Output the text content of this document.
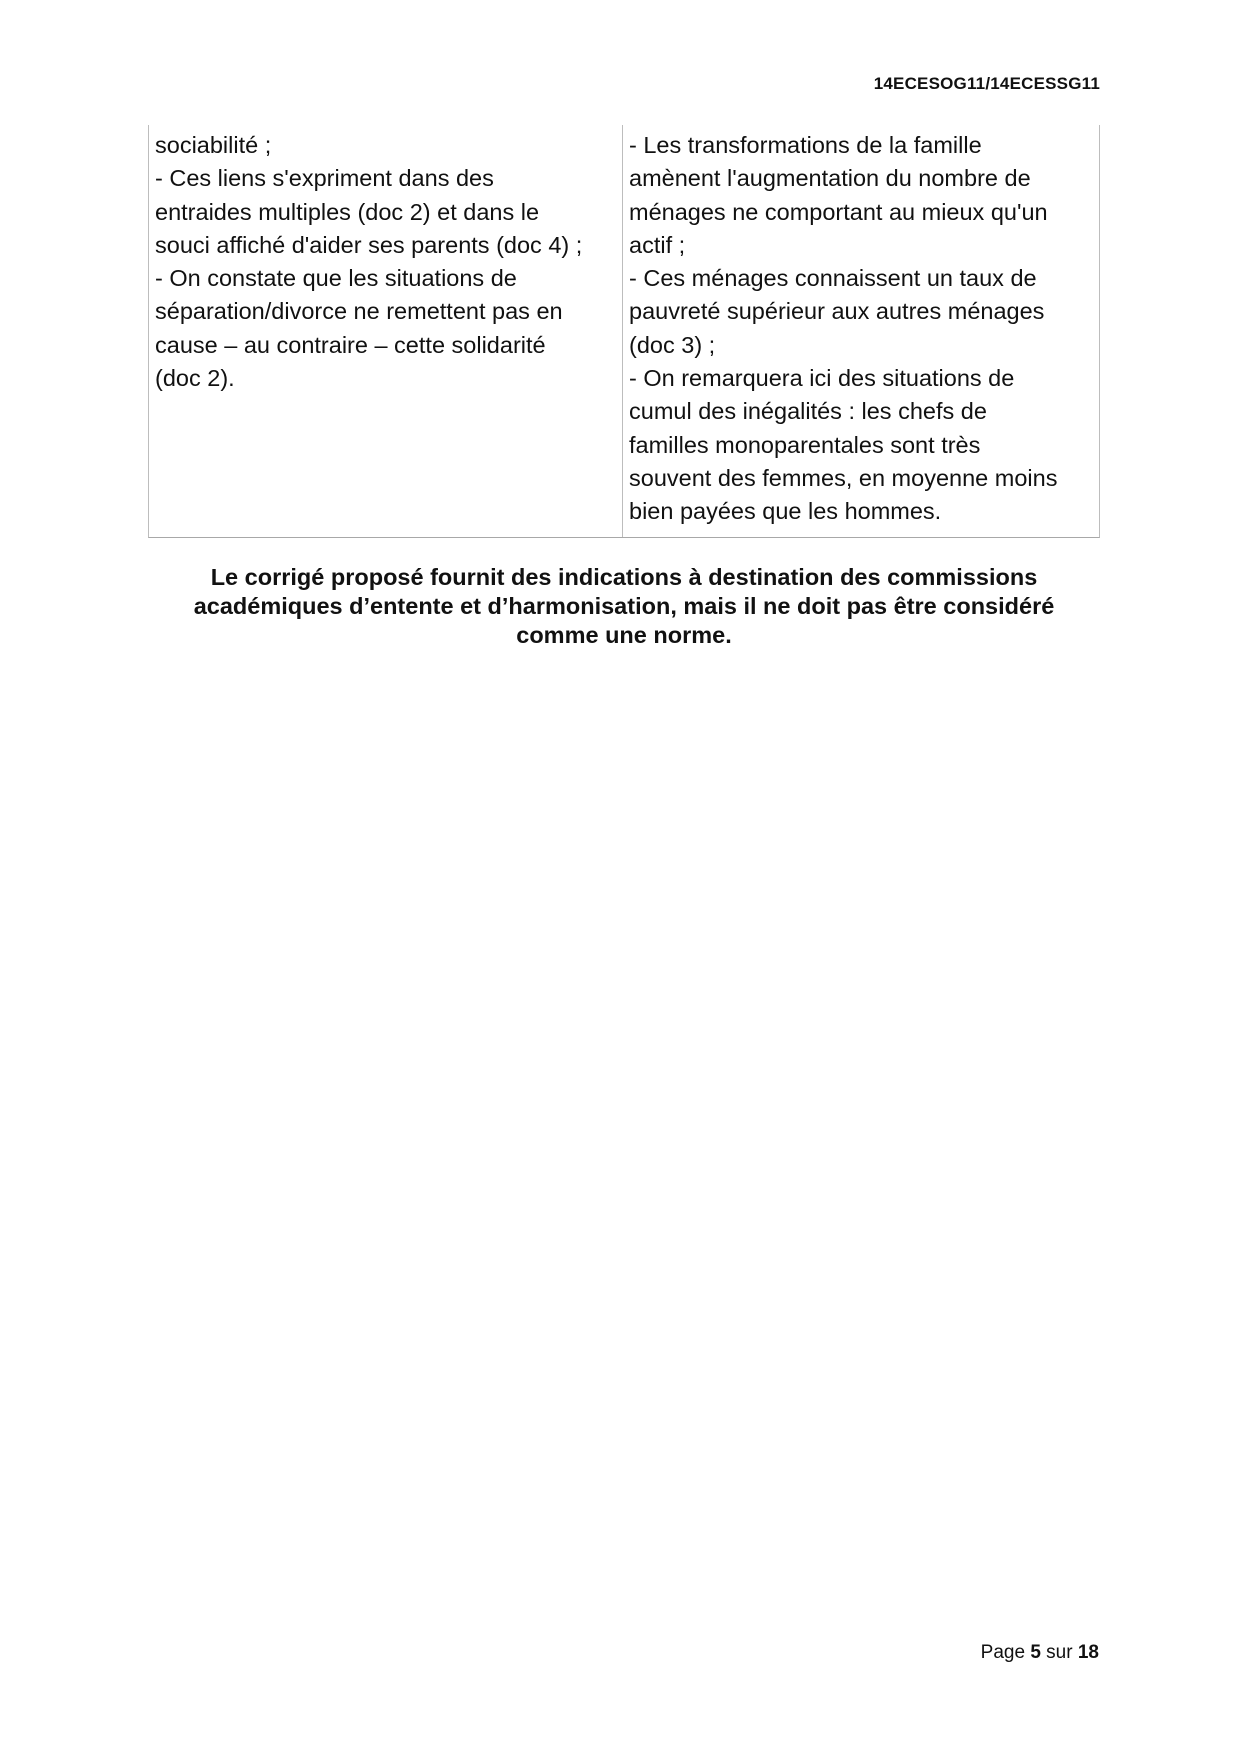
14ECESOG11/14ECESSG11
sociabilité ;
- Ces liens s'expriment dans des
entraides multiples (doc 2) et dans le
souci affiché d'aider ses parents (doc 4) ;
- On constate que les situations de
séparation/divorce ne remettent pas en
cause – au contraire – cette solidarité
(doc 2).
- Les transformations de la famille
amènent l'augmentation du nombre de
ménages ne comportant au mieux qu'un
actif ;
- Ces ménages connaissent un taux de
pauvreté supérieur aux autres ménages
(doc 3) ;
- On remarquera ici des situations de
cumul des inégalités : les chefs de
familles monoparentales sont très
souvent des femmes, en moyenne moins
bien payées que les hommes.
Le corrigé proposé fournit des indications à destination des commissions
académiques d’entente et d’harmonisation, mais il ne doit pas être considéré
comme une norme.
Page 5 sur 18
